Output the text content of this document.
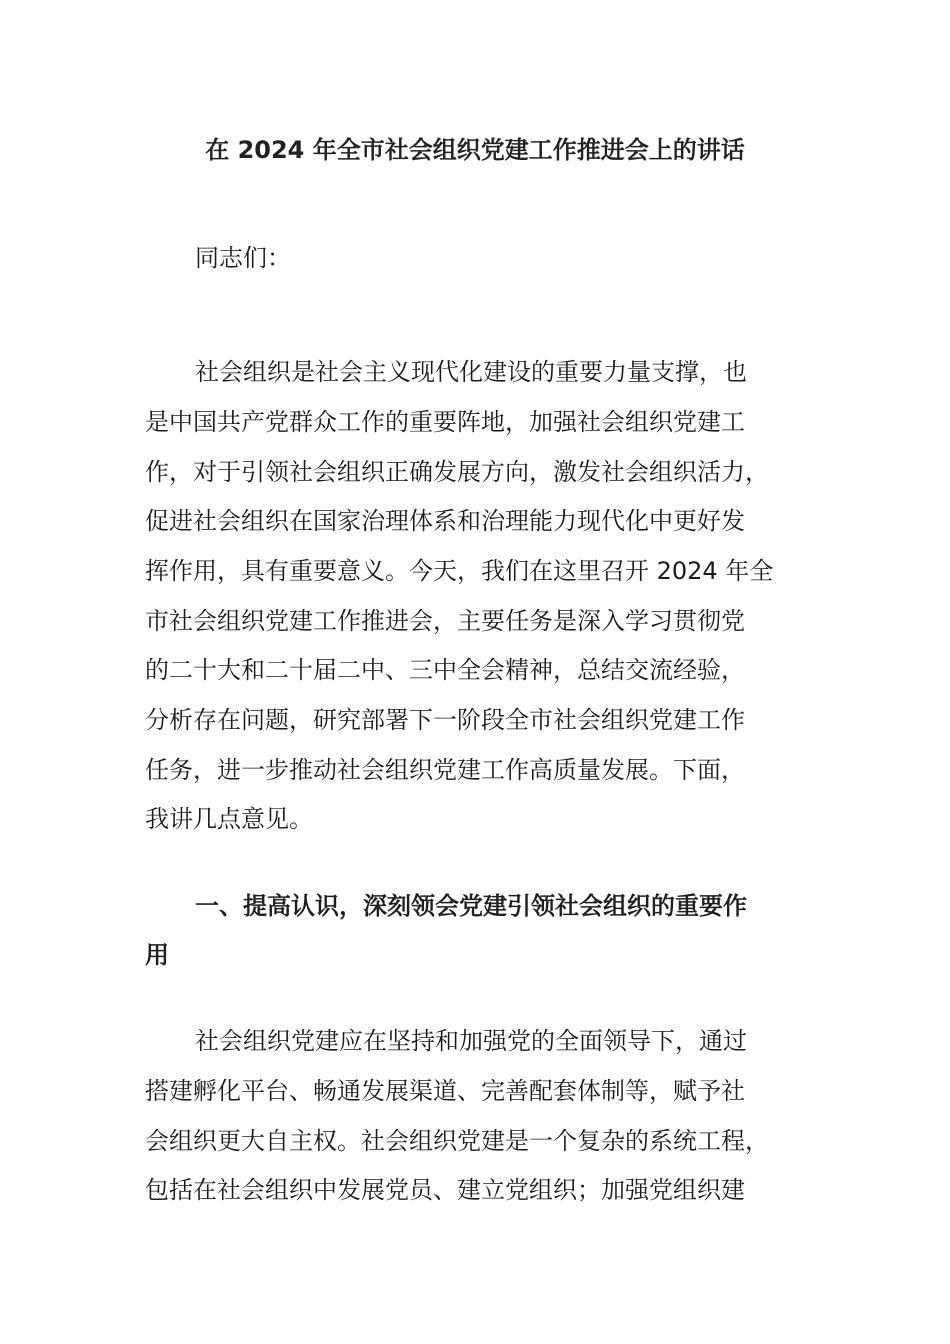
在 2024 年全市社会组织党建工作推进会上的讲话
同志们：
社会组织是社会主义现代化建设的重要力量支撑，也
是中国共产党群众工作的重要阵地，加强社会组织党建工
作，对于引领社会组织正确发展方向，激发社会组织活力，
促进社会组织在国家治理体系和治理能力现代化中更好发
挥作用，具有重要意义。今天，我们在这里召开 2024 年全
市社会组织党建工作推进会，主要任务是深入学习贯彻党
的二十大和二十届二中、三中全会精神，总结交流经验，
分析存在问题，研究部署下一阶段全市社会组织党建工作
任务，进一步推动社会组织党建工作高质量发展。下面，
我讲几点意见。
一、提高认识，深刻领会党建引领社会组织的重要作
用
社会组织党建应在坚持和加强党的全面领导下，通过
搭建孵化平台、畅通发展渠道、完善配套体制等，赋予社
会组织更大自主权。社会组织党建是一个复杂的系统工程，
包括在社会组织中发展党员、建立党组织；加强党组织建
